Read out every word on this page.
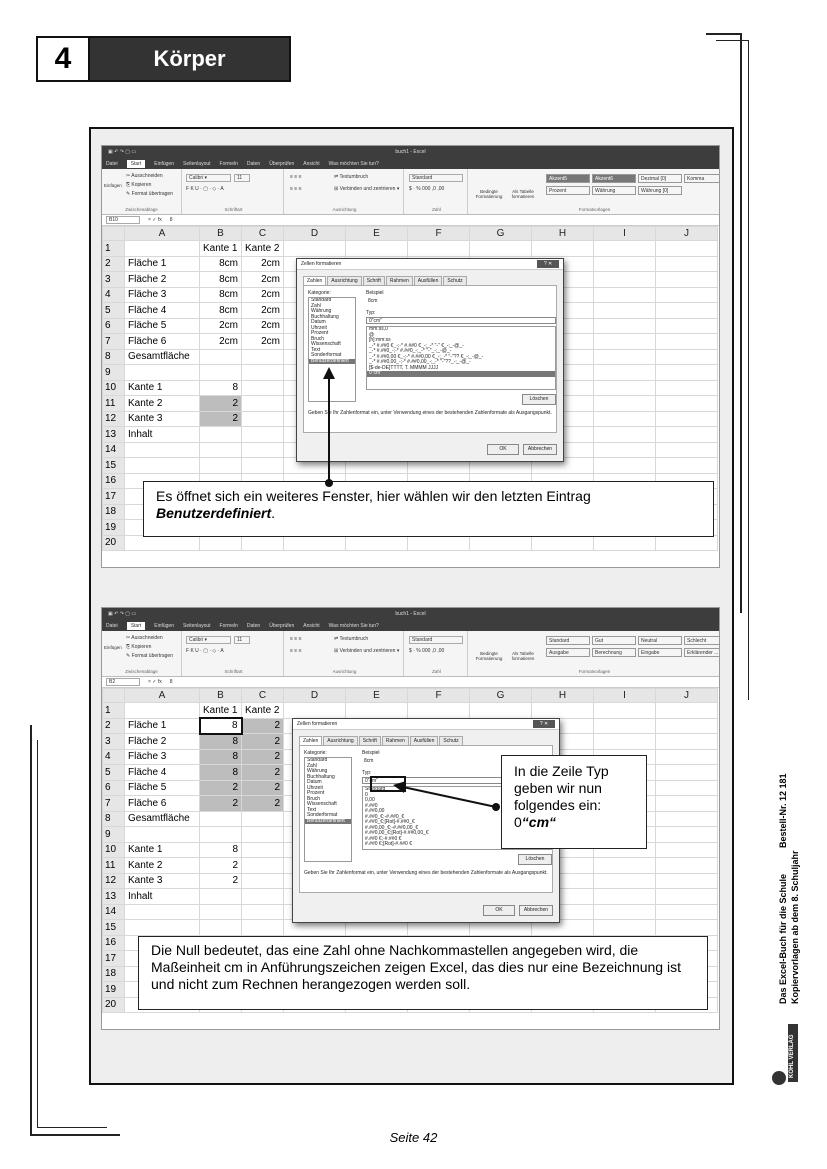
4	Körper
▣ ↶ ↷ ▢ ▭	buch1 - Excel
Datei	Start	Einfügen Seitenlayout Formeln Daten Überprüfen Ansicht Was möchten Sie tun?
Einfügen
✂ Ausschneiden
⎘ Kopieren
✎ Format übertragen
Zwischenablage
Calibri ▾	11
F K U · ▢ · ◇ · A
Schriftart
⇌ Textumbruch
⊞ Verbinden und zentrieren ▾
≡ ≡ ≡

≡ ≡ ≡
Ausrichtung
Standard
$ · % 000 ,0 ,00
Zahl
Bedingte Formatierung
Als Tabelle formatieren
Formatvorlagen
Akzent5	Akzent6	Dezimal [0]	Komma
Prozent	Währung	Währung [0]
B10	× ✓ fx 8
	A	B	C	D	E	F	G	H	I	J
1		Kante 1	Kante 2							
2	Fläche 1	8cm	2cm							
3	Fläche 2	8cm	2cm							
4	Fläche 3	8cm	2cm							
5	Fläche 4	8cm	2cm							
6	Fläche 5	2cm	2cm							
7	Fläche 6	2cm	2cm							
8	Gesamtfläche									
9										
10	Kante 1	8								
11	Kante 2	2								
12	Kante 3	2								
13	Inhalt									
14										
15										
16										
17										
18										
19										
20										
Zellen formatieren	? ✕
Zahlen	Ausrichtung	Schrift	Rahmen	Ausfüllen	Schutz
Kategorie:
Standard
Zahl
Währung
Buchhaltung
Datum
Uhrzeit
Prozent
Bruch
Wissenschaft
Text
Sonderformat
Benutzerdefiniert
Beispiel
8cm
Typ:
0"cm"
mm:ss,0
@
[h]:mm:ss
_-* #.##0 €_-;-* #.##0 €_-;_-* "-" €_-;_-@_-
_-* #.##0_-;-* #.##0_-;_-* "-"_-;_-@_-
_-* #.##0,00 €_-;-* #.##0,00 €_-;_-* "-"?? €_-;_-@_-
_-* #.##0,00_-;-* #.##0,00_-;_-* "-"??_-;_-@_-
[$-de-DE]TTTT, T. MMMM JJJJ
0"cm"
Löschen
Geben Sie Ihr Zahlenformat ein, unter Verwendung eines der bestehenden Zahlenformate als Ausgangspunkt.
OK	Abbrechen
▣ ↶ ↷ ▢ ▭	buch1 - Excel
Datei	Start	Einfügen Seitenlayout Formeln Daten Überprüfen Ansicht Was möchten Sie tun?
Einfügen
✂ Ausschneiden
⎘ Kopieren
✎ Format übertragen
Zwischenablage
Calibri ▾	11
F K U · ▢ · ◇ · A
Schriftart
⇌ Textumbruch
⊞ Verbinden und zentrieren ▾
≡ ≡ ≡

≡ ≡ ≡
Ausrichtung
Standard
$ · % 000 ,0 ,00
Zahl
Bedingte Formatierung
Als Tabelle formatieren
Formatvorlagen
Standard	Gut	Neutral	Schlecht
Ausgabe	Berechnung	Eingabe	Erklärender ...
B2	× ✓ fx 8
	A	B	C	D	E	F	G	H	I	J
1		Kante 1	Kante 2							
2	Fläche 1	8	2							
3	Fläche 2	8	2							
4	Fläche 3	8	2							
5	Fläche 4	8	2							
6	Fläche 5	2	2							
7	Fläche 6	2	2							
8	Gesamtfläche									
9										
10	Kante 1	8								
11	Kante 2	2								
12	Kante 3	2								
13	Inhalt									
14										
15										
16										
17										
18										
19										
20										
Zellen formatieren	? ✕
Zahlen	Ausrichtung	Schrift	Rahmen	Ausfüllen	Schutz
Kategorie:
Standard
Zahl
Währung
Buchhaltung
Datum
Uhrzeit
Prozent
Bruch
Wissenschaft
Text
Sonderformat
Benutzerdefiniert
Beispiel
8cm
Typ:
0"cm"
Standard
0
0,00
#.##0
#.##0,00
#.##0_€;-#.##0_€
#.##0_€;[Rot]-#.##0_€
#.##0,00_€;-#.##0,00_€
#.##0,00_€;[Rot]-#.##0,00_€
#.##0 €;-#.##0 €
#.##0 €;[Rot]-#.##0 €
Löschen
Geben Sie Ihr Zahlenformat ein, unter Verwendung eines der bestehenden Zahlenformate als Ausgangspunkt.
OK	Abbrechen
Es öffnet sich ein weiteres Fenster, hier wählen wir den letzten Eintrag Benutzerdefiniert.
In die Zeile Typ geben wir nun folgendes ein:
0“cm“
Die Null bedeutet, das eine Zahl ohne Nachkommastellen angegeben wird, die Maßeinheit cm in Anführungszeichen zeigen Excel, das dies nur eine Bezeichnung ist und nicht zum Rechnen herangezogen werden soll.
Bestell-Nr. 12 181
Das Excel-Buch für die Schule Kopiervorlagen ab dem 8. Schuljahr
KOHL VERLAG
Seite 42
